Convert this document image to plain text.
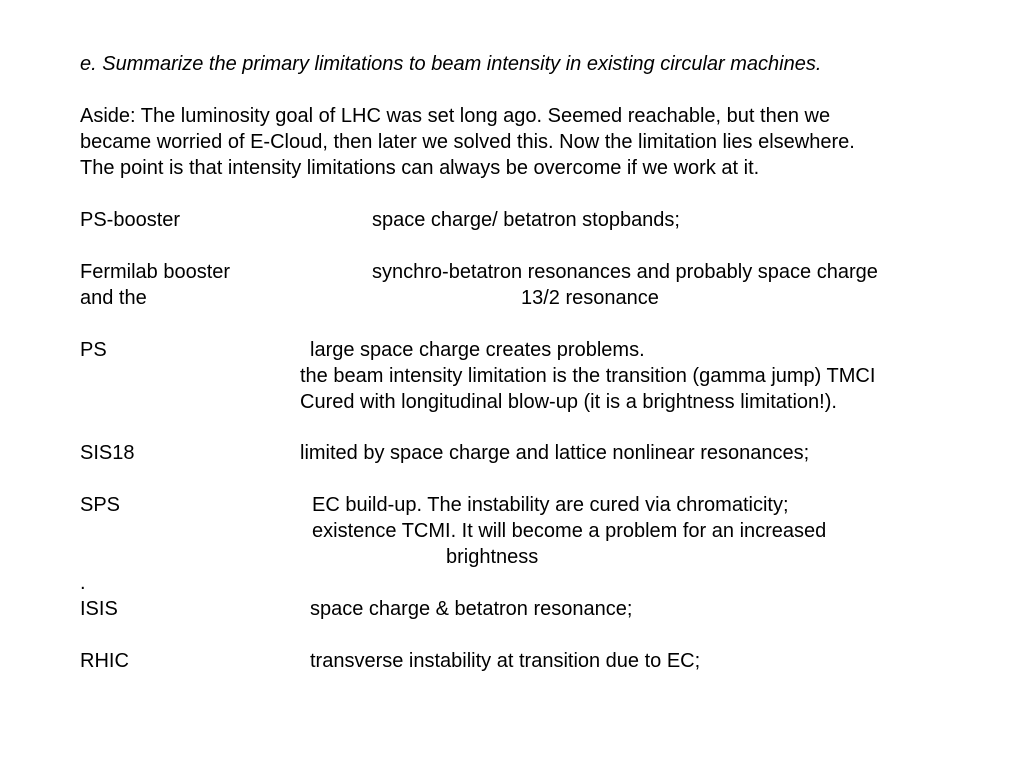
e. Summarize the primary limitations to beam intensity in existing circular machines.
Aside: The luminosity goal of LHC was set long ago. Seemed reachable, but then we
became worried of E-Cloud, then later we solved this. Now the limitation lies elsewhere.
The point is that intensity limitations can always be overcome if we work at it.
PS-booster	space charge/ betatron stopbands;
Fermilab booster	synchro-betatron resonances and probably space charge
and the	13/2 resonance
PS	large space charge creates problems.
the beam intensity limitation is the transition (gamma jump) TMCI
Cured with longitudinal blow-up (it is a brightness limitation!).
SIS18	limited by space charge and lattice nonlinear resonances;
SPS	EC build-up. The instability are cured via chromaticity;
existence TCMI. It will become a problem for an increased
brightness
.
ISIS	space charge & betatron resonance;
RHIC	transverse instability at transition due to EC;
